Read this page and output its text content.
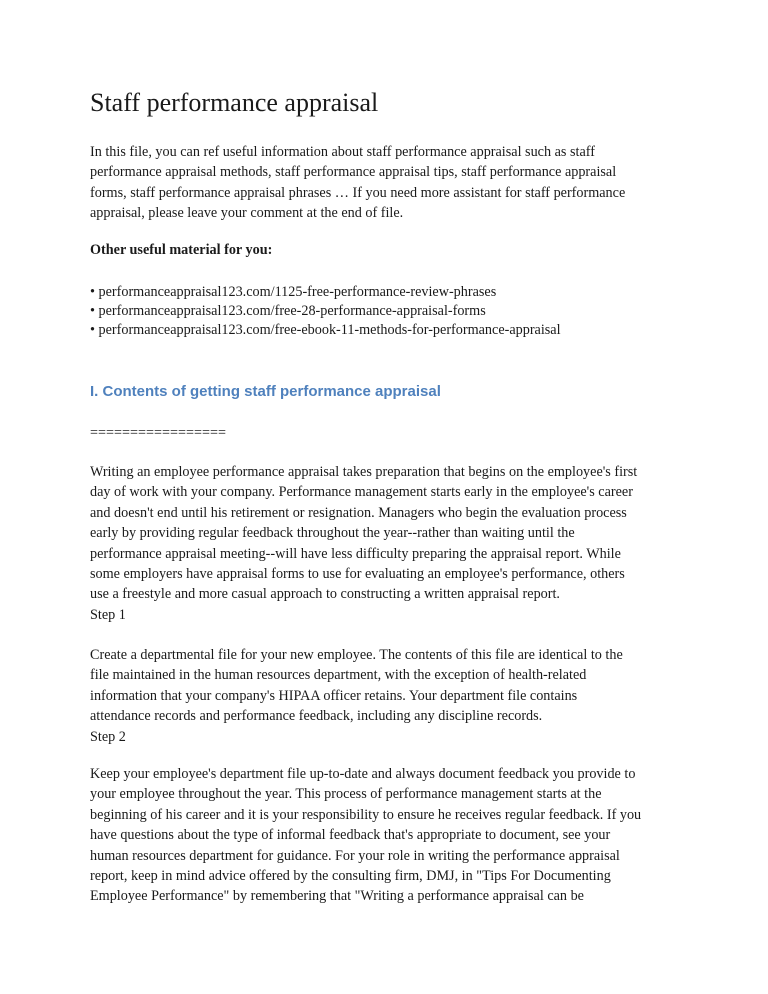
Staff performance appraisal

In this file, you can ref useful information about staff performance appraisal such as staff
performance appraisal methods, staff performance appraisal tips, staff performance appraisal
forms, staff performance appraisal phrases … If you need more assistant for staff performance
appraisal, please leave your comment at the end of file.

Other useful material for you:

• performanceappraisal123.com/1125-free-performance-review-phrases
• performanceappraisal123.com/free-28-performance-appraisal-forms
• performanceappraisal123.com/free-ebook-11-methods-for-performance-appraisal
I. Contents of getting staff performance appraisal

=================

Writing an employee performance appraisal takes preparation that begins on the employee's first
day of work with your company. Performance management starts early in the employee's career
and doesn't end until his retirement or resignation. Managers who begin the evaluation process
early by providing regular feedback throughout the year--rather than waiting until the
performance appraisal meeting--will have less difficulty preparing the appraisal report. While
some employers have appraisal forms to use for evaluating an employee's performance, others
use a freestyle and more casual approach to constructing a written appraisal report.
Step 1

Create a departmental file for your new employee. The contents of this file are identical to the
file maintained in the human resources department, with the exception of health-related
information that your company's HIPAA officer retains. Your department file contains
attendance records and performance feedback, including any discipline records.
Step 2

Keep your employee's department file up-to-date and always document feedback you provide to
your employee throughout the year. This process of performance management starts at the
beginning of his career and it is your responsibility to ensure he receives regular feedback. If you
have questions about the type of informal feedback that's appropriate to document, see your
human resources department for guidance. For your role in writing the performance appraisal
report, keep in mind advice offered by the consulting firm, DMJ, in "Tips For Documenting
Employee Performance" by remembering that "Writing a performance appraisal can be
